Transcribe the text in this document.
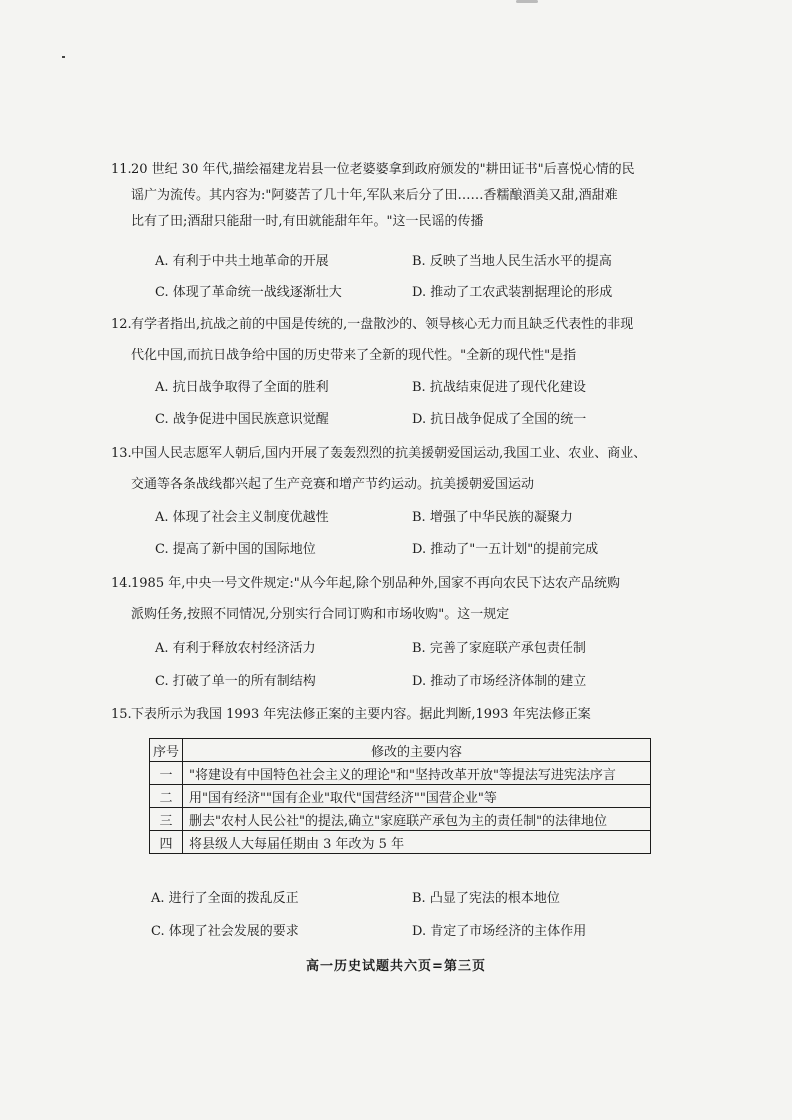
11. 20 世纪 30 年代,描绘福建龙岩县一位老婆婆拿到政府颁发的"耕田证书"后喜悦心情的民
谣广为流传。其内容为:"阿婆苦了几十年,军队来后分了田……香糯酿酒美又甜,酒甜难
比有了田;酒甜只能甜一时,有田就能甜年年。"这一民谣的传播
A. 有利于中共土地革命的开展	B. 反映了当地人民生活水平的提高
C. 体现了革命统一战线逐渐壮大	D. 推动了工农武装割据理论的形成
12. 有学者指出,抗战之前的中国是传统的,一盘散沙的、领导核心无力而且缺乏代表性的非现
代化中国,而抗日战争给中国的历史带来了全新的现代性。"全新的现代性"是指
A. 抗日战争取得了全面的胜利	B. 抗战结束促进了现代化建设
C. 战争促进中国民族意识觉醒	D. 抗日战争促成了全国的统一
13. 中国人民志愿军人朝后,国内开展了轰轰烈烈的抗美援朝爱国运动,我国工业、农业、商业、
交通等各条战线都兴起了生产竞赛和增产节约运动。抗美援朝爱国运动
A. 体现了社会主义制度优越性	B. 增强了中华民族的凝聚力
C. 提高了新中国的国际地位	D. 推动了"一五计划"的提前完成
14. 1985 年,中央一号文件规定:"从今年起,除个别品种外,国家不再向农民下达农产品统购
派购任务,按照不同情况,分别实行合同订购和市场收购"。这一规定
A. 有利于释放农村经济活力	B. 完善了家庭联产承包责任制
C. 打破了单一的所有制结构	D. 推动了市场经济体制的建立
15. 下表所示为我国 1993 年宪法修正案的主要内容。据此判断,1993 年宪法修正案
序号	修改的主要内容
一	"将建设有中国特色社会主义的理论"和"坚持改革开放"等提法写进宪法序言
二	用"国有经济""国有企业"取代"国营经济""国营企业"等
三	删去"农村人民公社"的提法,确立"家庭联产承包为主的责任制"的法律地位
四	将县级人大每届任期由 3 年改为 5 年
A. 进行了全面的拨乱反正	B. 凸显了宪法的根本地位
C. 体现了社会发展的要求	D. 肯定了市场经济的主体作用
高一历史试题共六页=第三页
